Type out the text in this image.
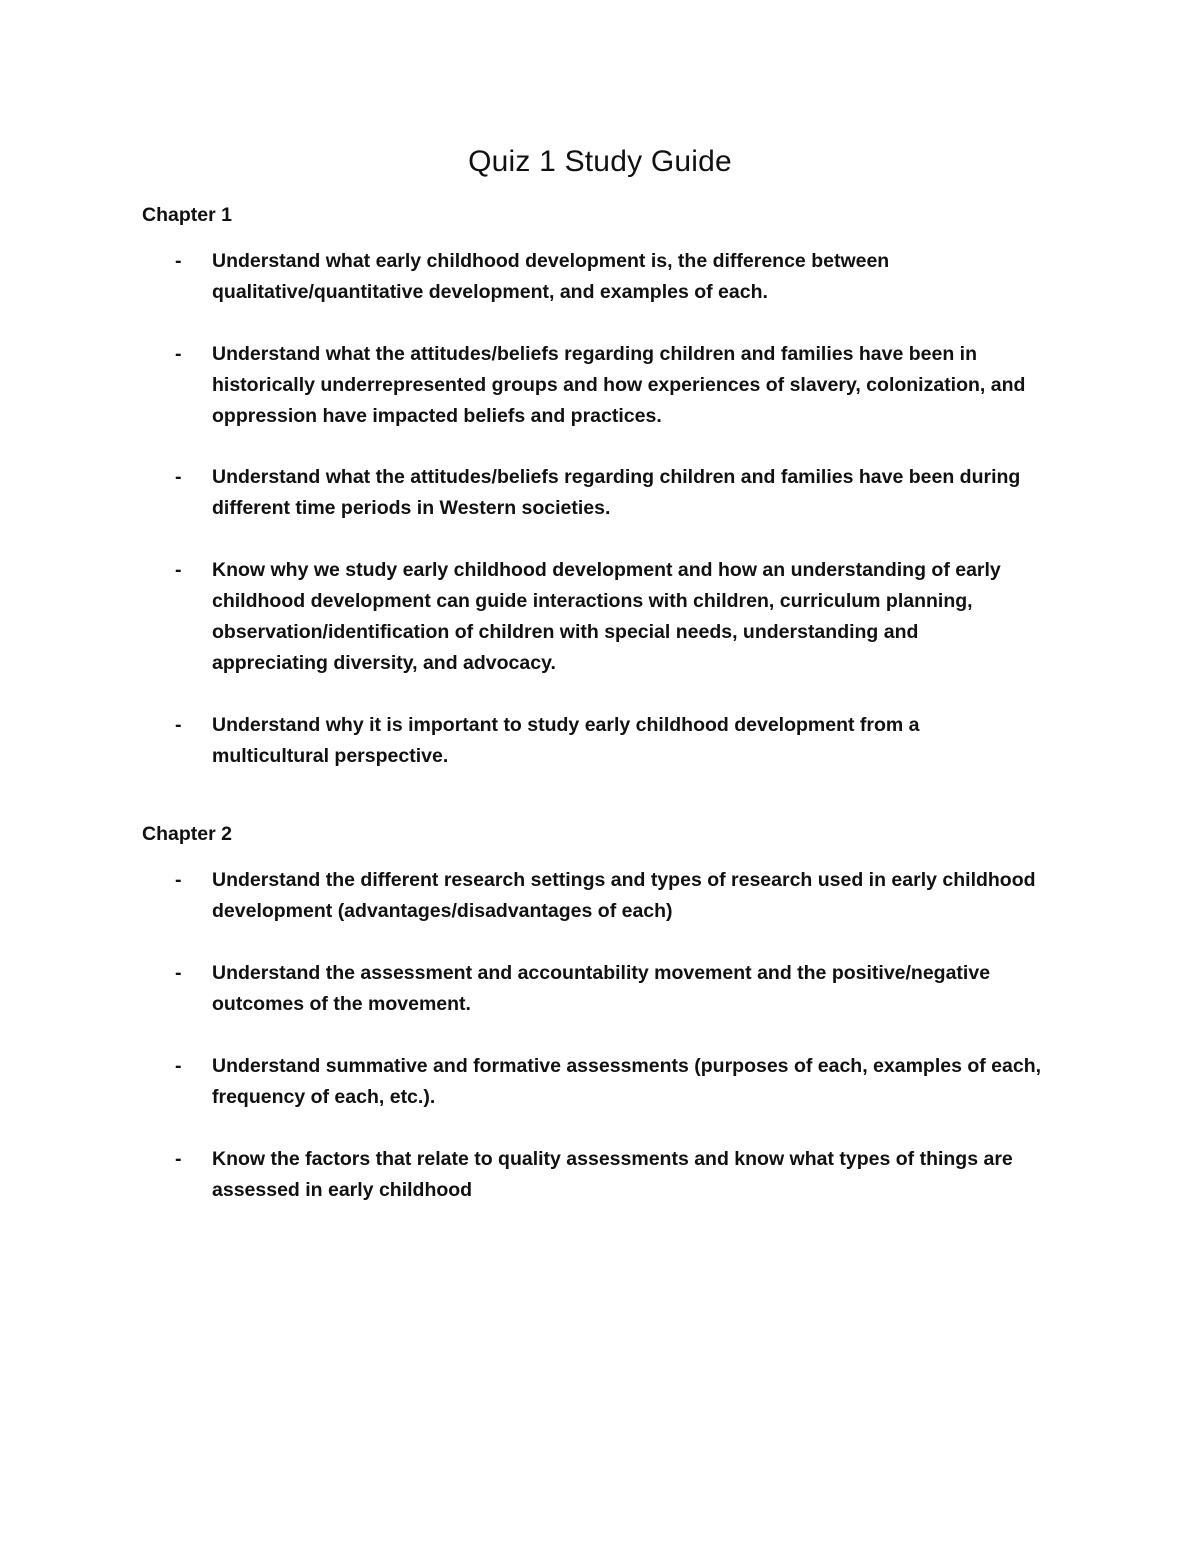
Quiz 1 Study Guide
Chapter 1
-	Understand what early childhood development is, the difference between
qualitative/quantitative development, and examples of each.
-	Understand what the attitudes/beliefs regarding children and families have been in
historically underrepresented groups and how experiences of slavery, colonization, and
oppression have impacted beliefs and practices.
-	Understand what the attitudes/beliefs regarding children and families have been during
different time periods in Western societies.
-	Know why we study early childhood development and how an understanding of early
childhood development can guide interactions with children, curriculum planning,
observation/identification of children with special needs, understanding and
appreciating diversity, and advocacy.
-	Understand why it is important to study early childhood development from a
multicultural perspective.
Chapter 2
-	Understand the different research settings and types of research used in early childhood
development (advantages/disadvantages of each)
-	Understand the assessment and accountability movement and the positive/negative
outcomes of the movement.
-	Understand summative and formative assessments (purposes of each, examples of each,
frequency of each, etc.).
-	Know the factors that relate to quality assessments and know what types of things are
assessed in early childhood
